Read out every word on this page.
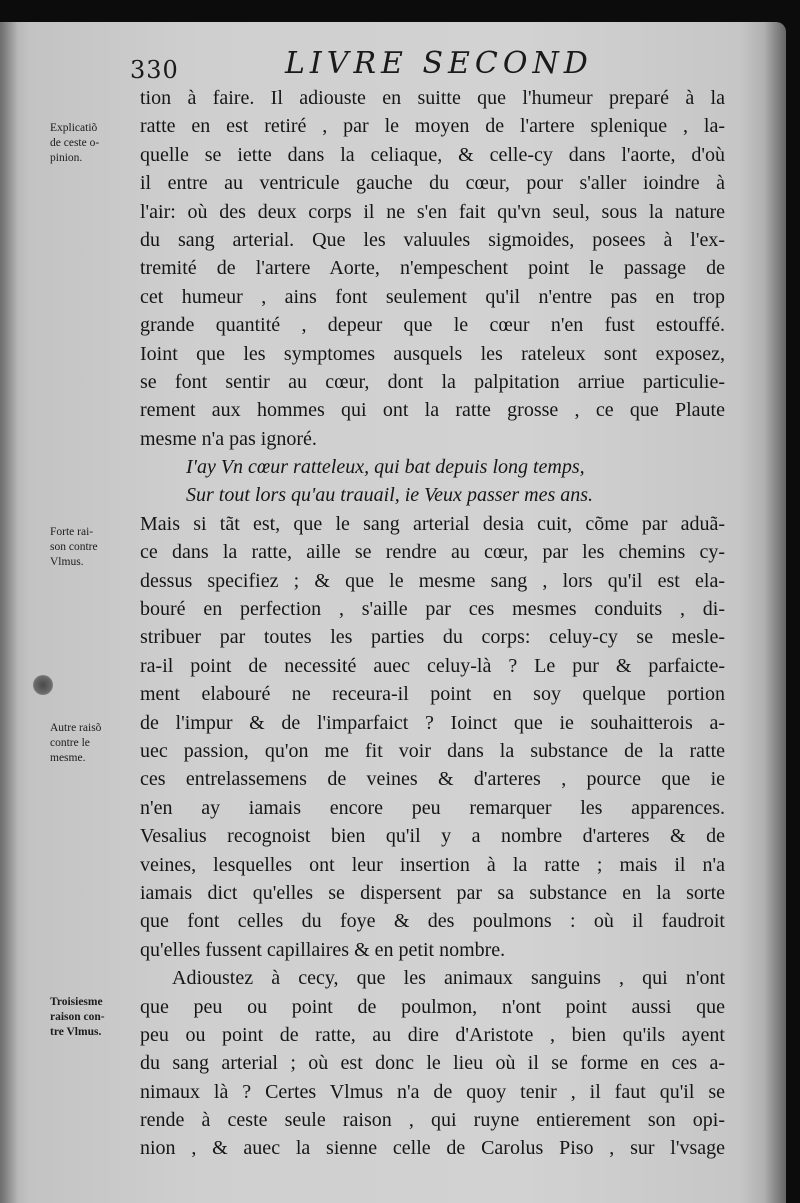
330	LIVRE SECOND
Explicatiõ
de ceste o-
pinion.
Forte rai-
son contre
Vlmus.
Autre raisõ
contre le
mesme.
Troisiesme
raison con-
tre Vlmus.
tion à faire. Il adiouste en suitte que l'humeur preparé à la
ratte en est retiré , par le moyen de l'artere splenique , la-
quelle se iette dans la celiaque, & celle-cy dans l'aorte, d'où
il entre au ventricule gauche du cœur, pour s'aller ioindre à
l'air: où des deux corps il ne s'en fait qu'vn seul, sous la nature
du sang arterial. Que les valuules sigmoides, posees à l'ex-
tremité de l'artere Aorte, n'empeschent point le passage de
cet humeur , ains font seulement qu'il n'entre pas en trop
grande quantité , depeur que le cœur n'en fust estouffé.
Ioint que les symptomes ausquels les rateleux sont exposez,
se font sentir au cœur, dont la palpitation arriue particulie-
rement aux hommes qui ont la ratte grosse , ce que Plaute
mesme n'a pas ignoré.
I'ay Vn cœur ratteleux, qui bat depuis long temps,
Sur tout lors qu'au trauail, ie Veux passer mes ans.
Mais si tãt est, que le sang arterial desia cuit, cõme par aduã-
ce dans la ratte, aille se rendre au cœur, par les chemins cy-
dessus specifiez ; & que le mesme sang , lors qu'il est ela-
bouré en perfection , s'aille par ces mesmes conduits , di-
stribuer par toutes les parties du corps: celuy-cy se mesle-
ra-il point de necessité auec celuy-là ? Le pur & parfaicte-
ment elabouré ne receura-il point en soy quelque portion
de l'impur & de l'imparfaict ? Ioinct que ie souhaitterois a-
uec passion, qu'on me fit voir dans la substance de la ratte
ces entrelassemens de veines & d'arteres , pource que ie
n'en ay iamais encore peu remarquer les apparences.
Vesalius recognoist bien qu'il y a nombre d'arteres & de
veines, lesquelles ont leur insertion à la ratte ; mais il n'a
iamais dict qu'elles se dispersent par sa substance en la sorte
que font celles du foye & des poulmons : où il faudroit
qu'elles fussent capillaires & en petit nombre.
Adioustez à cecy, que les animaux sanguins , qui n'ont
que peu ou point de poulmon, n'ont point aussi que
peu ou point de ratte, au dire d'Aristote , bien qu'ils ayent
du sang arterial ; où est donc le lieu où il se forme en ces a-
nimaux là ? Certes Vlmus n'a de quoy tenir , il faut qu'il se
rende à ceste seule raison , qui ruyne entierement son opi-
nion , & auec la sienne celle de Carolus Piso , sur l'vsage
